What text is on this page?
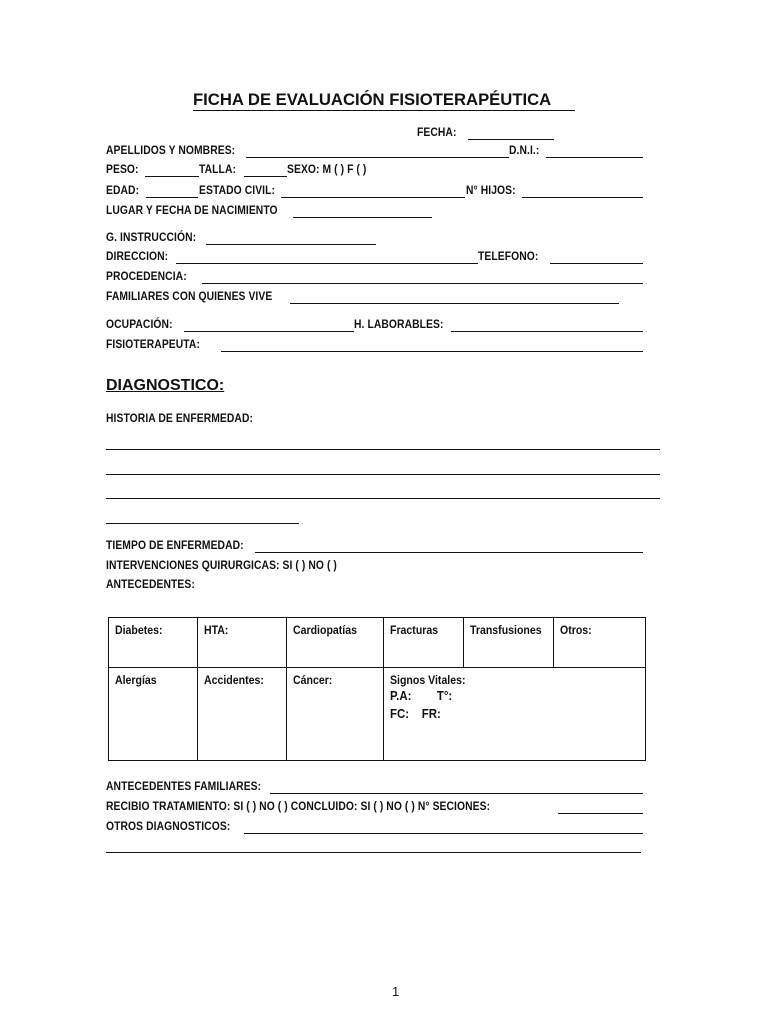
FICHA DE EVALUACIÓN FISIOTERAPÉUTICA
FECHA:
APELLIDOS Y NOMBRES:	D.N.I.:
PESO:	TALLA:	SEXO: M ( ) F ( )
EDAD:	ESTADO CIVIL:	N° HIJOS:
LUGAR Y FECHA DE NACIMIENTO
G. INSTRUCCIÓN:
DIRECCION:	TELEFONO:
PROCEDENCIA:
FAMILIARES CON QUIENES VIVE
OCUPACIÓN:	H. LABORABLES:
FISIOTERAPEUTA:
DIAGNOSTICO:
HISTORIA DE ENFERMEDAD:
TIEMPO DE ENFERMEDAD:
INTERVENCIONES QUIRURGICAS: SI ( ) NO ( )
ANTECEDENTES:
Diabetes:	HTA:	Cardiopatías	Fracturas	Transfusiones	Otros:
Alergías	Accidentes:	Cáncer:	Signos Vitales:
P.A:        T°:
FC:    FR:		
ANTECEDENTES FAMILIARES:
RECIBIO TRATAMIENTO: SI ( ) NO ( ) CONCLUIDO: SI ( ) NO ( ) N° SECIONES:
OTROS DIAGNOSTICOS:
1
